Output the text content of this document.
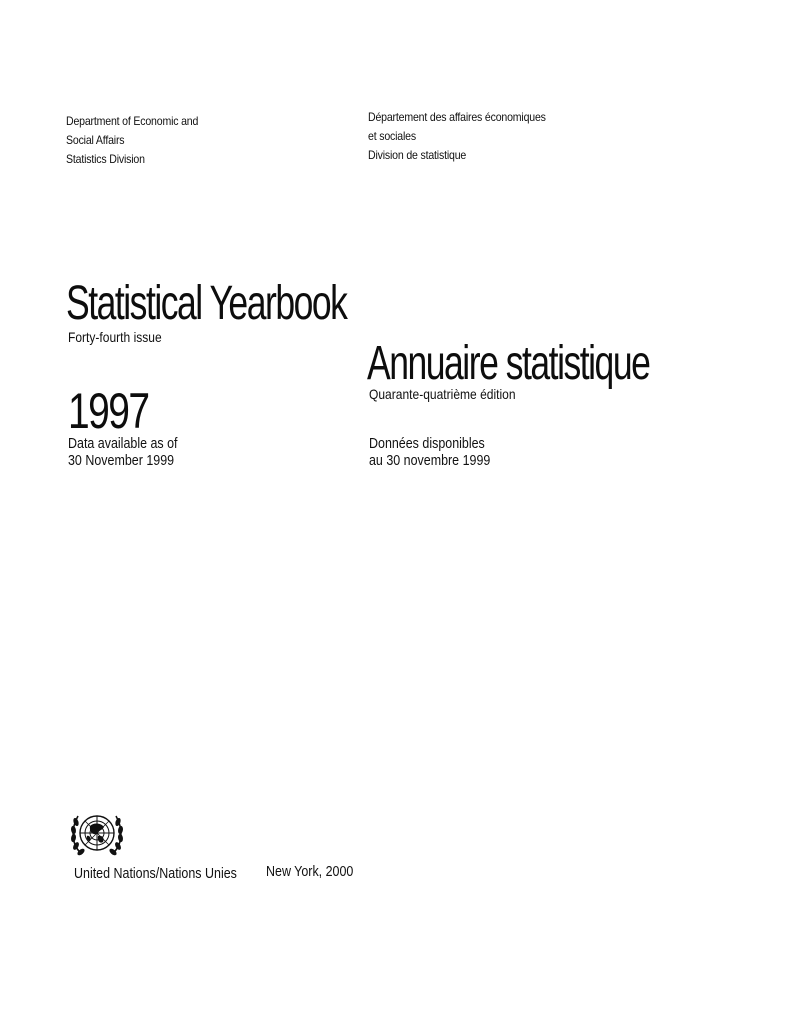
Department of Economic and
Social Affairs
Statistics Division
Département des affaires économiques
et sociales
Division de statistique
Statistical Yearbook
Forty-fourth issue	Annuaire statistique
Quarante-quatrième édition
1997
Data available as of
30 November 1999
Données disponibles
au 30 novembre 1999
United Nations/Nations Unies New York, 2000
